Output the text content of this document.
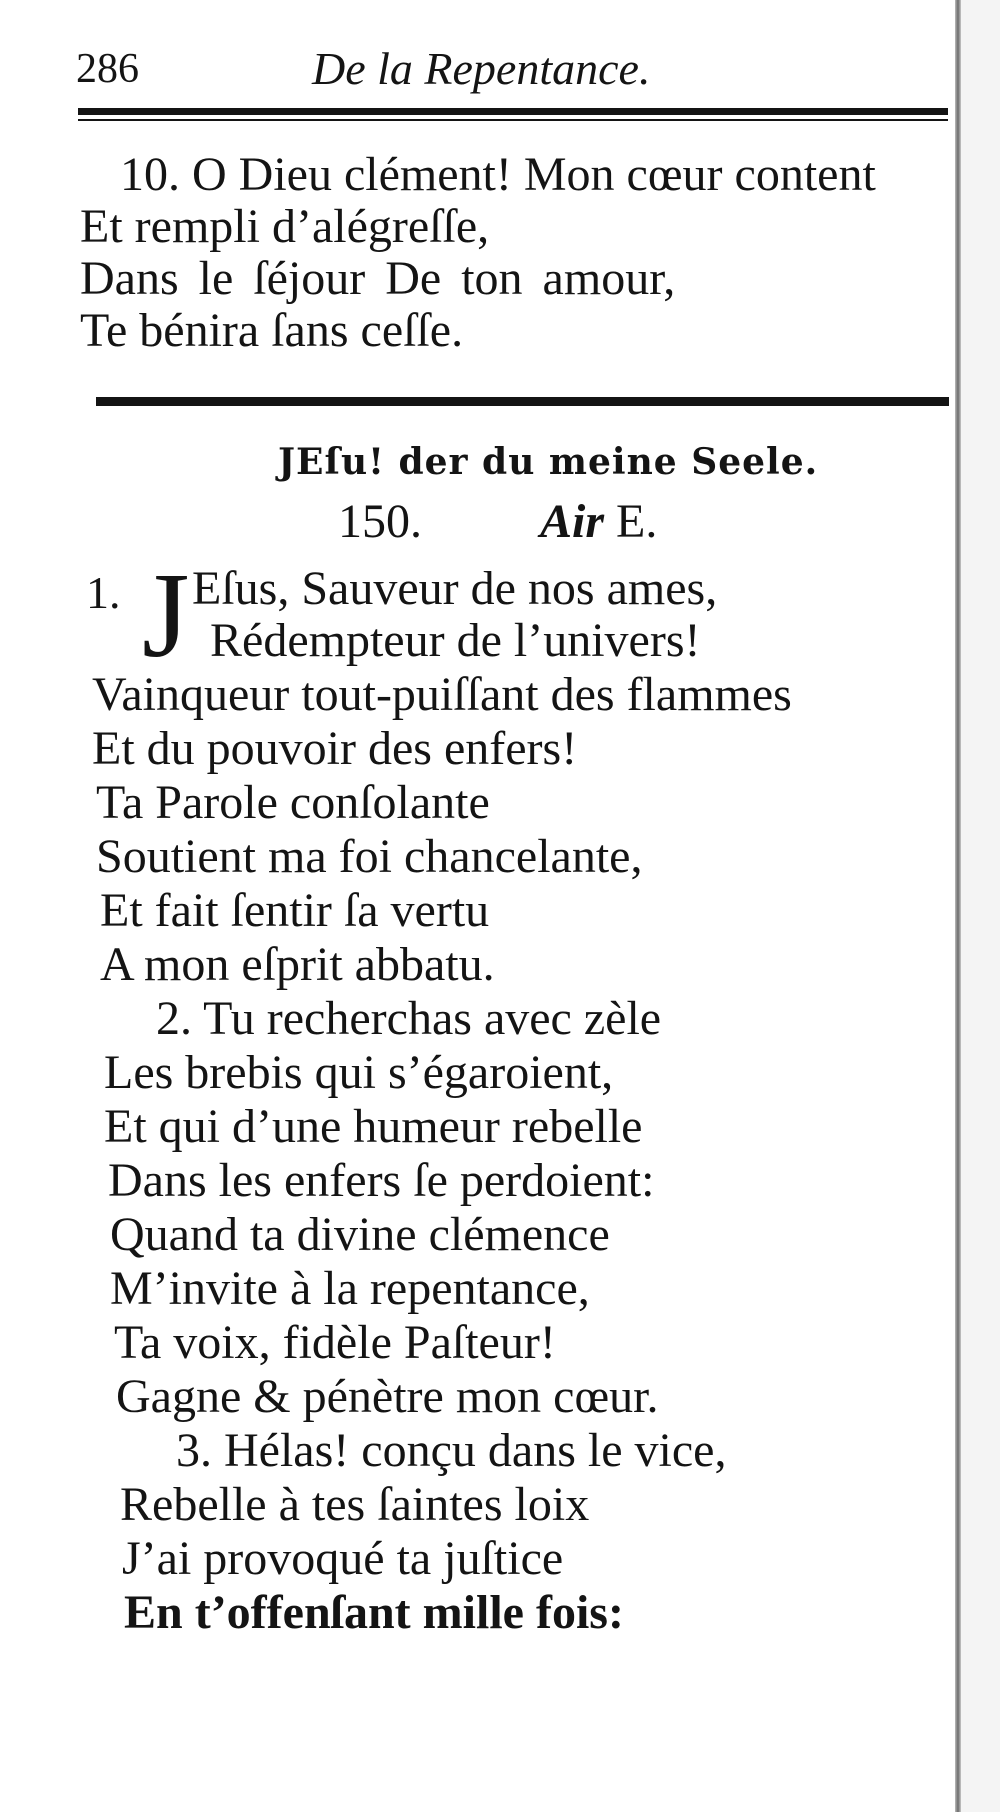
286	De la Repentance.
10. O Dieu clément! Mon cœur content
Et rempli d’alégreſſe,
Dans le ſéjour De ton amour,
Te bénira ſans ceſſe.
JEſu! der du meine Seele.
150. Air E.
1. J Eſus, Sauveur de nos ames,
Rédempteur de l’univers!
Vainqueur tout-puiſſant des flammes
Et du pouvoir des enfers!
Ta Parole conſolante
Soutient ma foi chancelante,
Et fait ſentir ſa vertu
A mon eſprit abbatu.
2. Tu recherchas avec zèle
Les brebis qui s’égaroient,
Et qui d’une humeur rebelle
Dans les enfers ſe perdoient:
Quand ta divine clémence
M’invite à la repentance,
Ta voix, fidèle Paſteur!
Gagne & pénètre mon cœur.
3. Hélas! conçu dans le vice,
Rebelle à tes ſaintes loix
J’ai provoqué ta juſtice
En t’offenſant mille fois:
